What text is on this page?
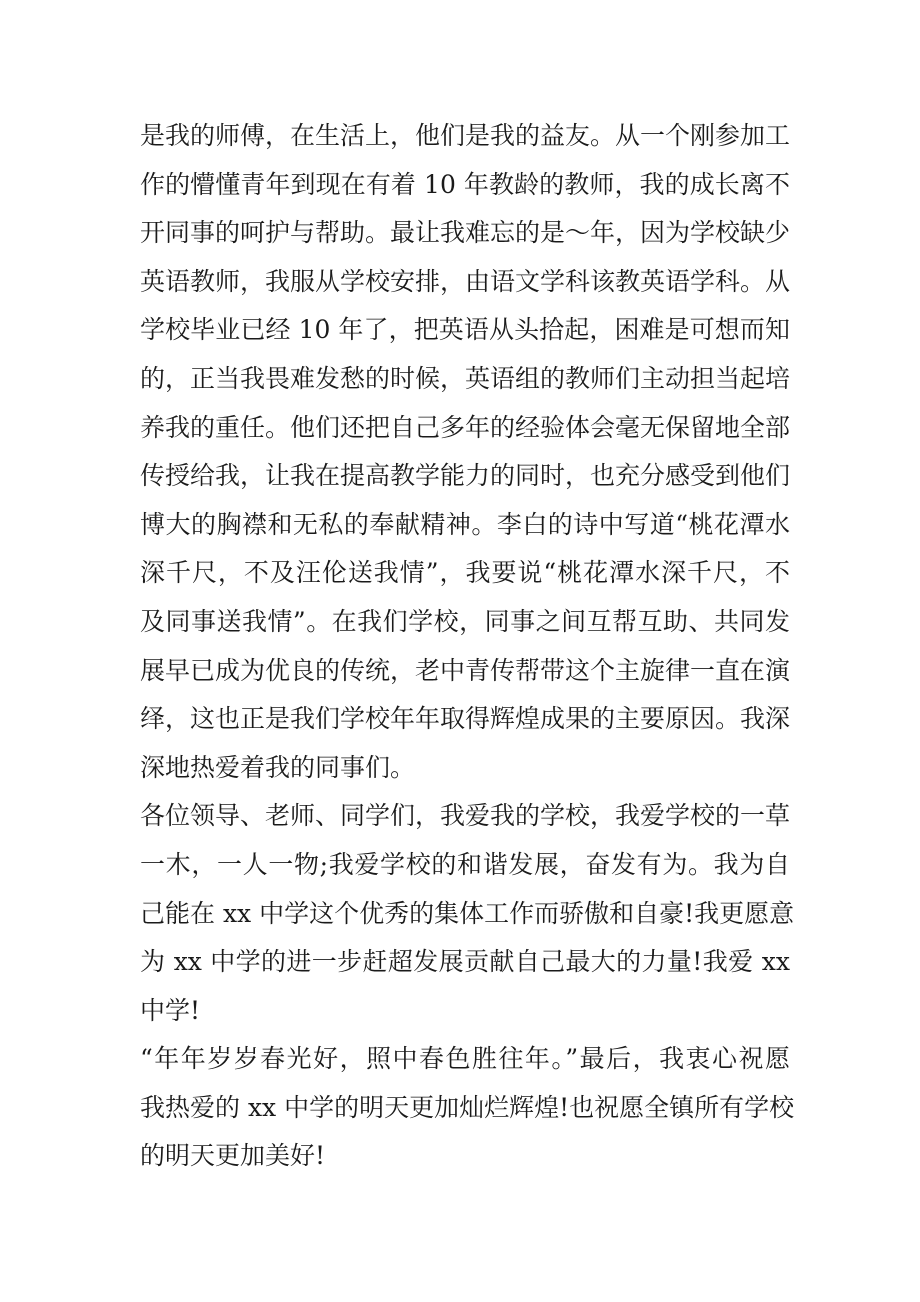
是我的师傅，在生活上，他们是我的益友。从一个刚参加工
作的懵懂青年到现在有着 10 年教龄的教师，我的成长离不
开同事的呵护与帮助。最让我难忘的是～年，因为学校缺少
英语教师，我服从学校安排，由语文学科该教英语学科。从
学校毕业已经 10 年了，把英语从头拾起，困难是可想而知
的，正当我畏难发愁的时候，英语组的教师们主动担当起培
养我的重任。他们还把自己多年的经验体会毫无保留地全部
传授给我，让我在提高教学能力的同时，也充分感受到他们
博大的胸襟和无私的奉献精神。李白的诗中写道“桃花潭水
深千尺，不及汪伦送我情”，我要说“桃花潭水深千尺，不
及同事送我情”。在我们学校，同事之间互帮互助、共同发
展早已成为优良的传统，老中青传帮带这个主旋律一直在演
绎，这也正是我们学校年年取得辉煌成果的主要原因。我深
深地热爱着我的同事们。

各位领导、老师、同学们，我爱我的学校，我爱学校的一草
一木，一人一物;我爱学校的和谐发展，奋发有为。我为自
己能在 xx 中学这个优秀的集体工作而骄傲和自豪!我更愿意
为 xx 中学的进一步赶超发展贡献自己最大的力量!我爱 xx
中学!

“年年岁岁春光好，照中春色胜往年。”最后，我衷心祝愿
我热爱的 xx 中学的明天更加灿烂辉煌!也祝愿全镇所有学校
的明天更加美好!
